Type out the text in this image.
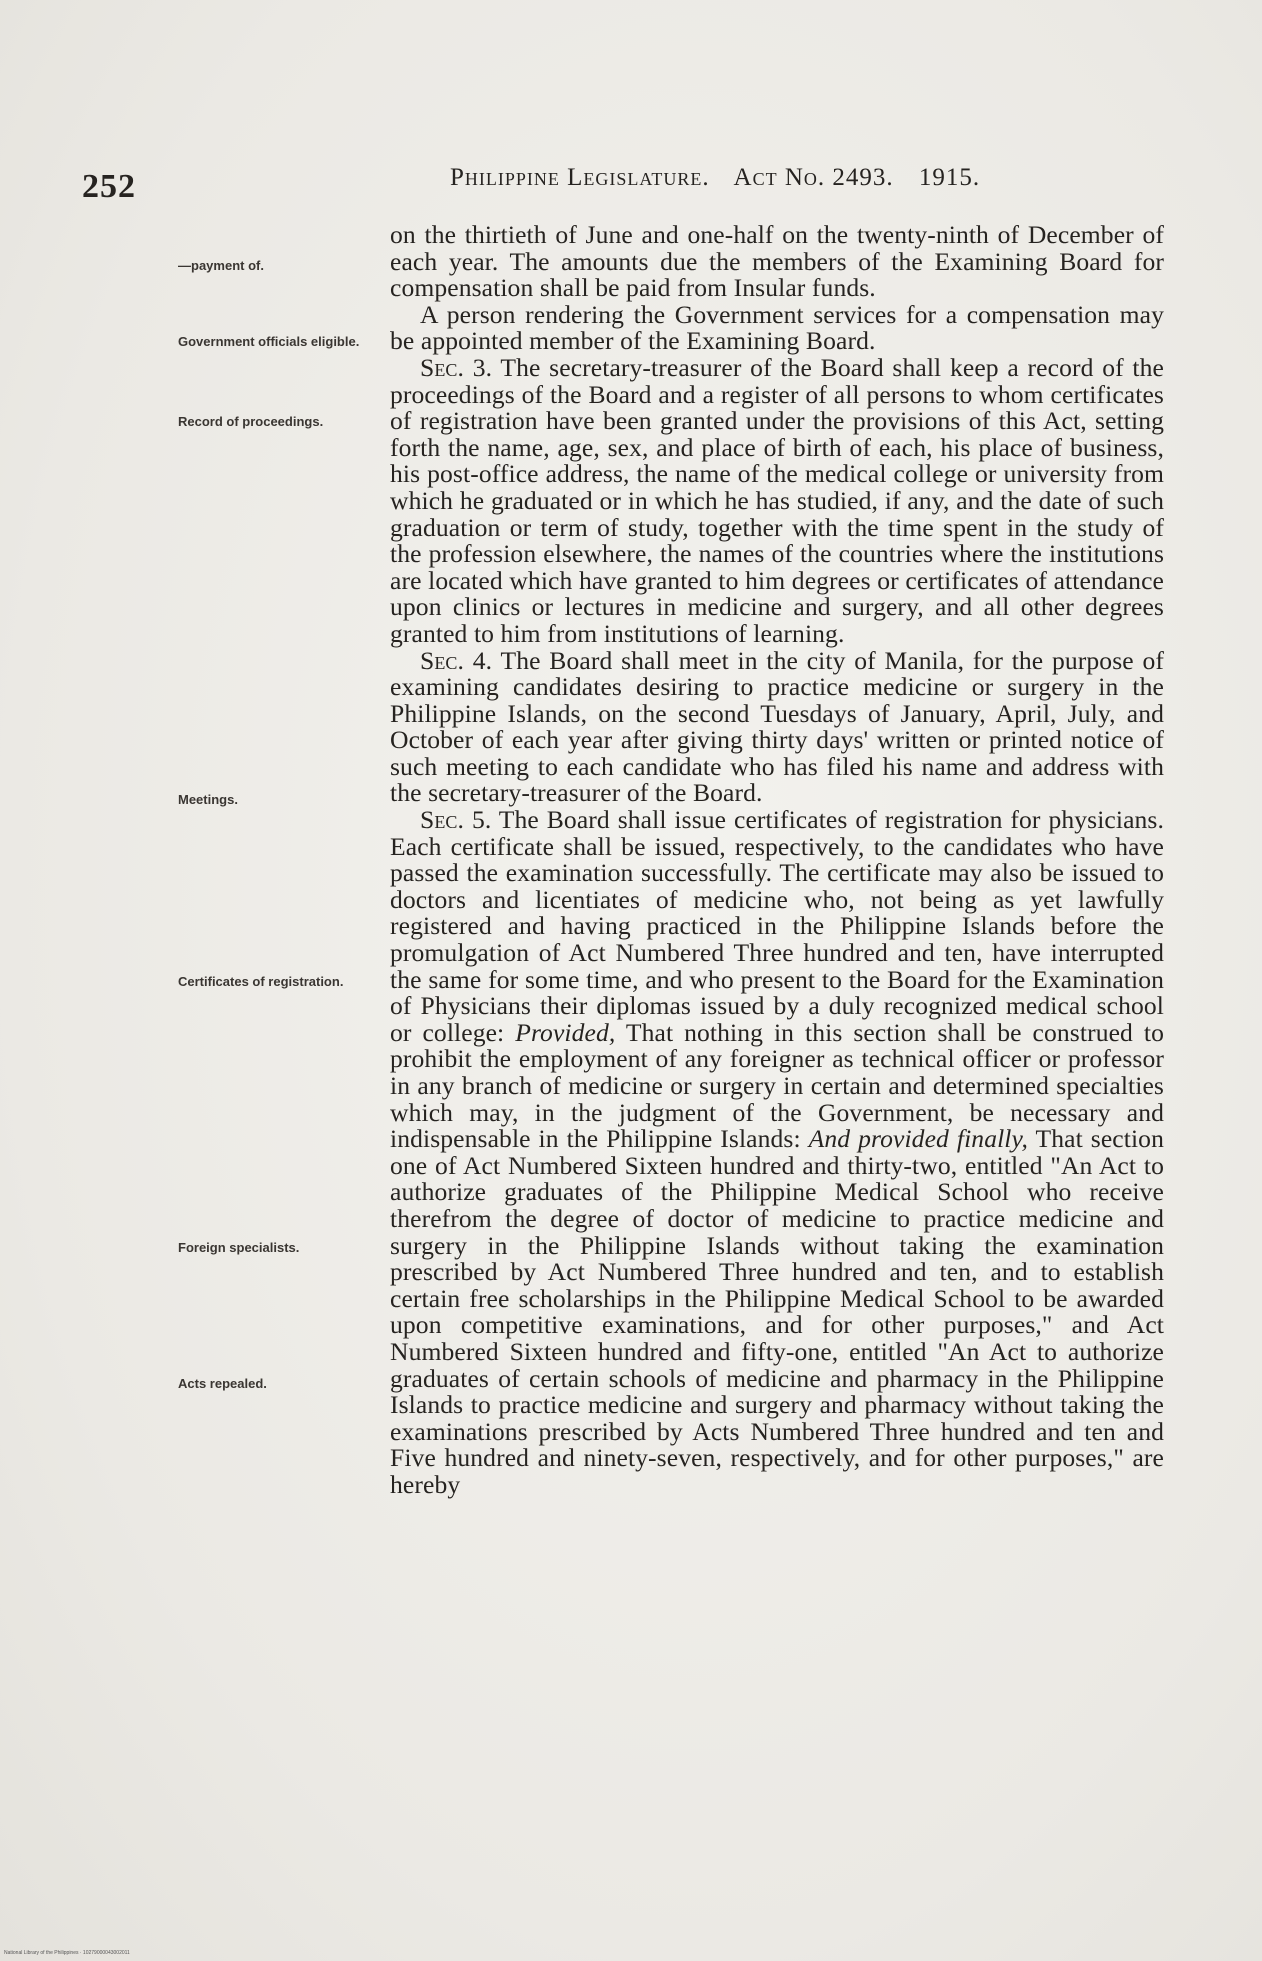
252	Philippine Legislature. Act No. 2493. 1915.
—payment of.
Government officials eligible.
Record of proceedings.
Meetings.
Certificates of registration.
Foreign specialists.
Acts repealed.

on the thirtieth of June and one-half on the twenty-ninth of December of each year. The amounts due the members of the Examining Board for compensation shall be paid from Insular funds.

A person rendering the Government services for a compensation may be appointed member of the Examining Board.

Sec. 3. The secretary-treasurer of the Board shall keep a record of the proceedings of the Board and a register of all persons to whom certificates of registration have been granted under the provisions of this Act, setting forth the name, age, sex, and place of birth of each, his place of business, his post-office address, the name of the medical college or university from which he graduated or in which he has studied, if any, and the date of such graduation or term of study, together with the time spent in the study of the profession elsewhere, the names of the countries where the institutions are located which have granted to him degrees or certificates of attendance upon clinics or lectures in medicine and surgery, and all other degrees granted to him from institutions of learning.

Sec. 4. The Board shall meet in the city of Manila, for the purpose of examining candidates desiring to practice medicine or surgery in the Philippine Islands, on the second Tuesdays of January, April, July, and October of each year after giving thirty days' written or printed notice of such meeting to each candidate who has filed his name and address with the secretary-treasurer of the Board.

Sec. 5. The Board shall issue certificates of registration for physicians. Each certificate shall be issued, respectively, to the candidates who have passed the examination successfully. The certificate may also be issued to doctors and licentiates of medicine who, not being as yet lawfully registered and having practiced in the Philippine Islands before the promulgation of Act Numbered Three hundred and ten, have interrupted the same for some time, and who present to the Board for the Examination of Physicians their diplomas issued by a duly recognized medical school or college: Provided, That nothing in this section shall be construed to prohibit the employment of any foreigner as technical officer or professor in any branch of medicine or surgery in certain and determined specialties which may, in the judgment of the Government, be necessary and indispensable in the Philippine Islands: And provided finally, That section one of Act Numbered Sixteen hundred and thirty-two, entitled "An Act to authorize graduates of the Philippine Medical School who receive therefrom the degree of doctor of medicine to practice medicine and surgery in the Philippine Islands without taking the examination prescribed by Act Numbered Three hundred and ten, and to establish certain free scholarships in the Philippine Medical School to be awarded upon competitive examinations, and for other purposes," and Act Numbered Sixteen hundred and fifty-one, entitled "An Act to authorize graduates of certain schools of medicine and pharmacy in the Philippine Islands to practice medicine and surgery and pharmacy without taking the examinations prescribed by Acts Numbered Three hundred and ten and Five hundred and ninety-seven, respectively, and for other purposes," are hereby

National Library of the Philippines · 10279000043002011
